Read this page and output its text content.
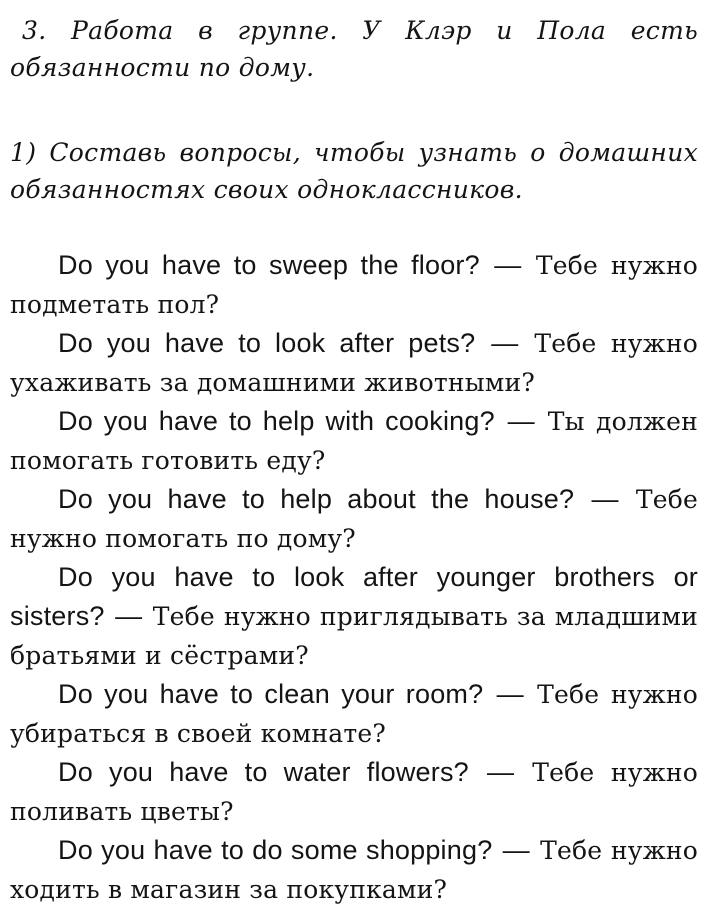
3. Работа в группе. У Клэр и Пола есть обязанности по дому.

1) Составь вопросы, чтобы узнать о домашних обязанностях своих одноклассников.

Do you have to sweep the floor? — Тебе нужно подметать пол?
Do you have to look after pets? — Тебе нужно ухаживать за домашними животными?
Do you have to help with cooking? — Ты должен помогать готовить еду?
Do you have to help about the house? — Тебе нужно помогать по дому?
Do you have to look after younger brothers or sisters? — Тебе нужно приглядывать за младшими братьями и сёстрами?
Do you have to clean your room? — Тебе нужно убираться в своей комнате?
Do you have to water flowers? — Тебе нужно поливать цветы?
Do you have to do some shopping? — Тебе нужно ходить в магазин за покупками?
